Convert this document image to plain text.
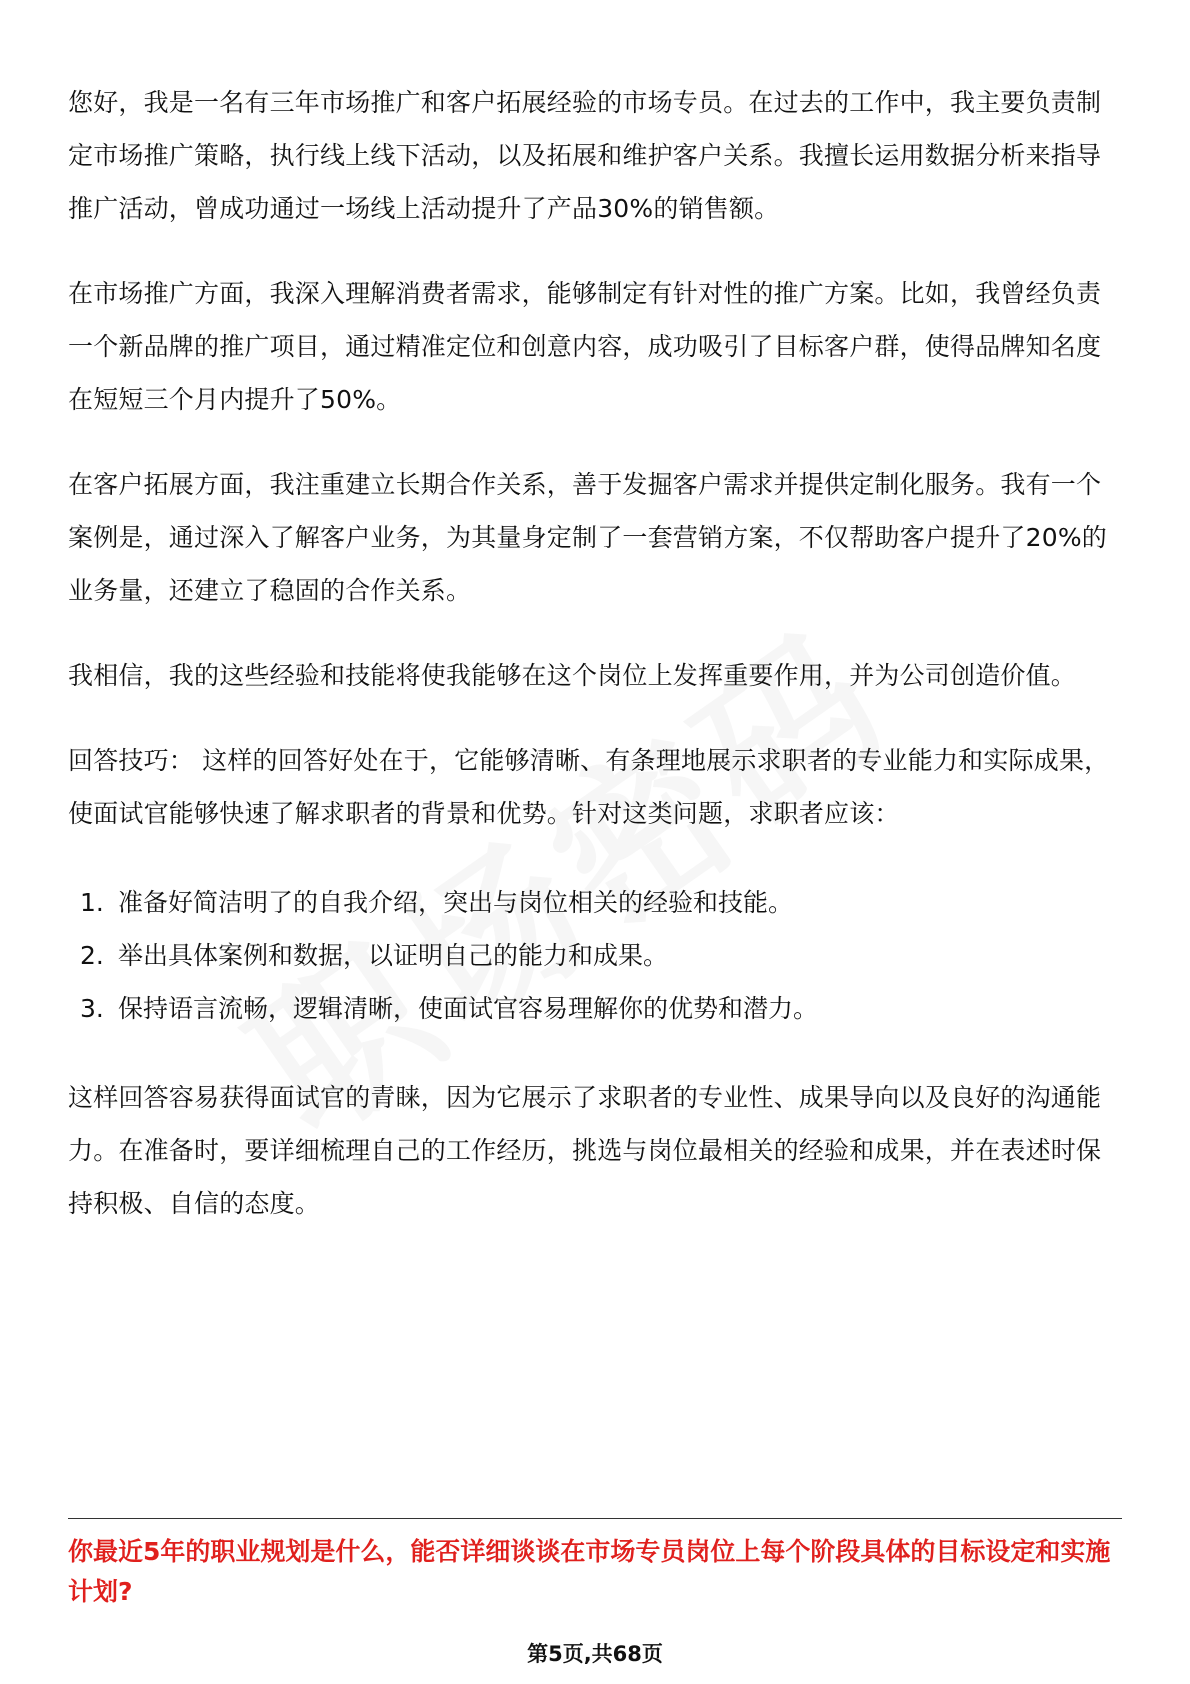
您好，我是一名有三年市场推广和客户拓展经验的市场专员。在过去的工作中，我主要负责制定市场推广策略，执行线上线下活动，以及拓展和维护客户关系。我擅长运用数据分析来指导推广活动，曾成功通过一场线上活动提升了产品30%的销售额。

在市场推广方面，我深入理解消费者需求，能够制定有针对性的推广方案。比如，我曾经负责一个新品牌的推广项目，通过精准定位和创意内容，成功吸引了目标客户群，使得品牌知名度在短短三个月内提升了50%。

在客户拓展方面，我注重建立长期合作关系，善于发掘客户需求并提供定制化服务。我有一个案例是，通过深入了解客户业务，为其量身定制了一套营销方案，不仅帮助客户提升了20%的业务量，还建立了稳固的合作关系。

我相信，我的这些经验和技能将使我能够在这个岗位上发挥重要作用，并为公司创造价值。

回答技巧： 这样的回答好处在于，它能够清晰、有条理地展示求职者的专业能力和实际成果，使面试官能够快速了解求职者的背景和优势。针对这类问题，求职者应该：

1. 准备好简洁明了的自我介绍，突出与岗位相关的经验和技能。
2. 举出具体案例和数据，以证明自己的能力和成果。
3. 保持语言流畅，逻辑清晰，使面试官容易理解你的优势和潜力。

这样回答容易获得面试官的青睐，因为它展示了求职者的专业性、成果导向以及良好的沟通能力。在准备时，要详细梳理自己的工作经历，挑选与岗位最相关的经验和成果，并在表述时保持积极、自信的态度。

你最近5年的职业规划是什么，能否详细谈谈在市场专员岗位上每个阶段具体的目标设定和实施计划?

第5页,共68页
